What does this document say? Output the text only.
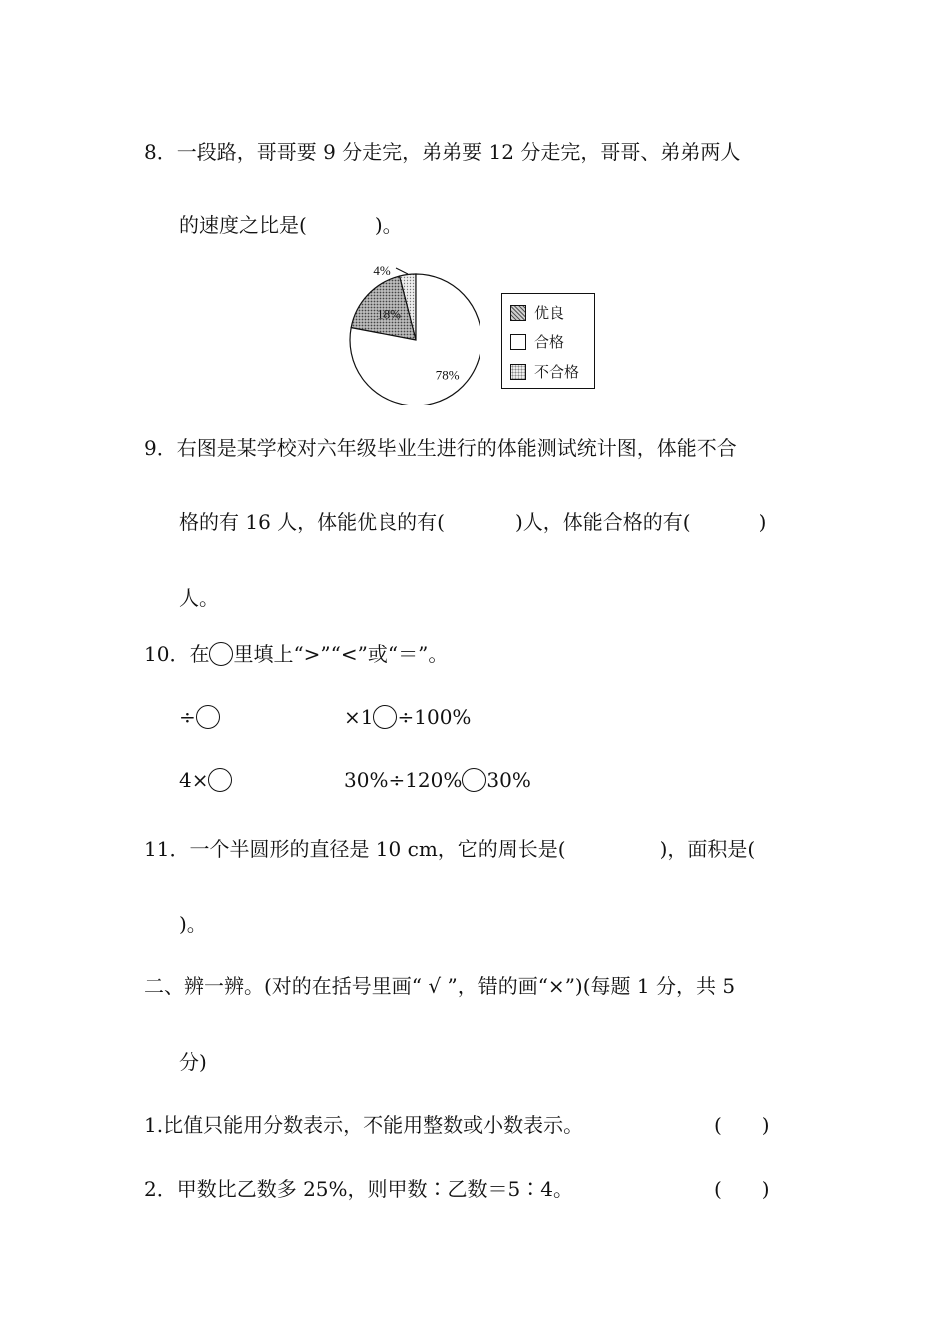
8．一段路，哥哥要 9 分走完，弟弟要 12 分走完，哥哥、弟弟两人
的速度之比是(	)。
4%
18%
78%
优良
合格
不合格
9．右图是某学校对六年级毕业生进行的体能测试统计图，体能不合
格的有 16 人，体能优良的有(	)人，体能合格的有(	)
人。
10．在 里填上“>”“<”或“＝”。
÷	×1 ÷100%
4×	30%÷120% 30%
11．一个半圆形的直径是 10 cm，它的周长是(	)，面积是(
)。
二、辨一辨。(对的在括号里画“ √ ”，错的画“×”)(每题 1 分，共 5
分)
1.比值只能用分数表示，不能用整数或小数表示。	(　　)
2．甲数比乙数多 25%，则甲数∶乙数＝5∶4。	(　　)
